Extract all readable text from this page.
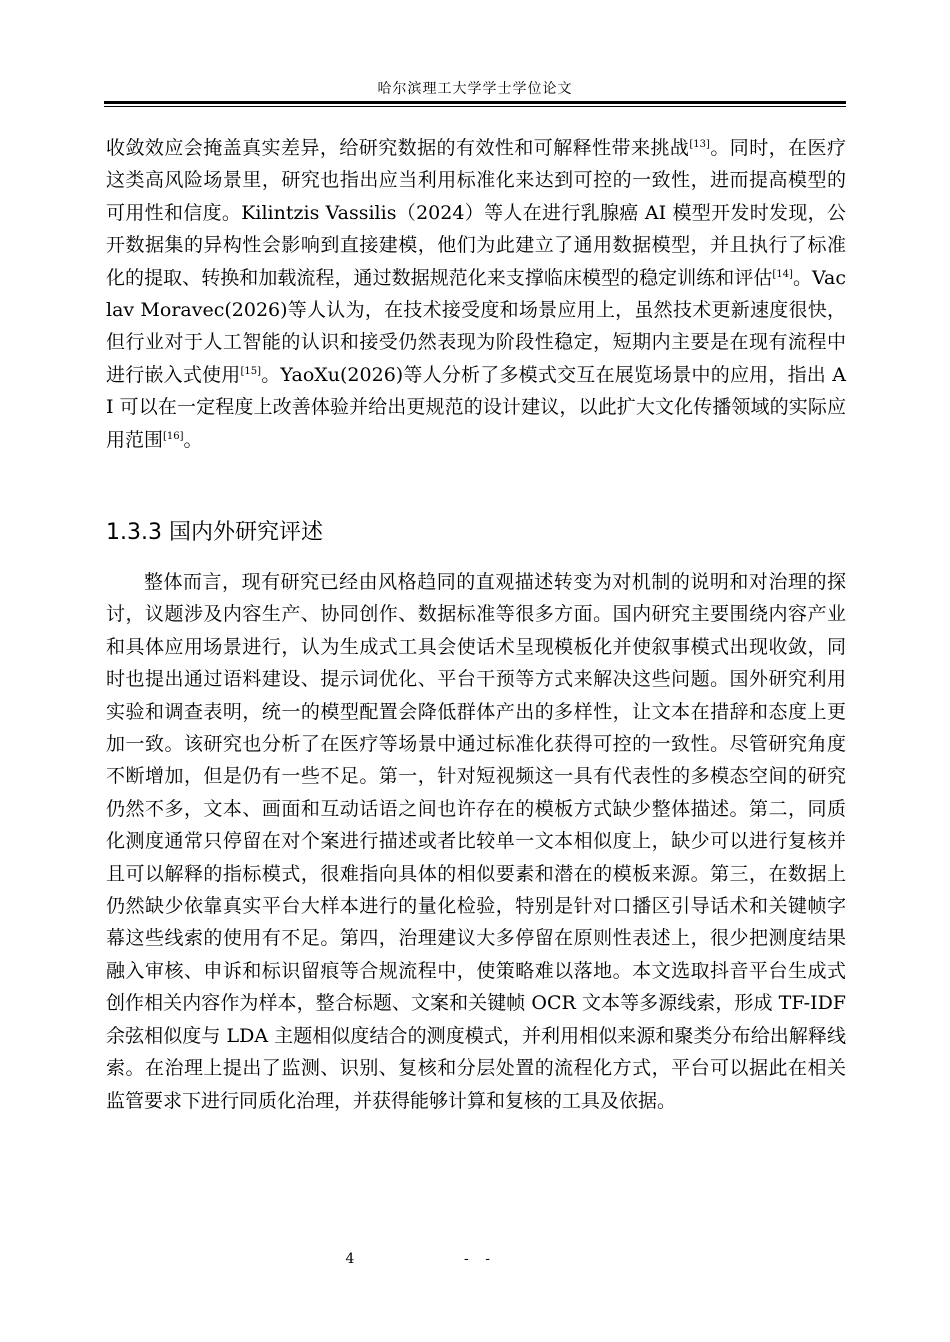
哈尔滨理工大学学士学位论文
收敛效应会掩盖真实差异，给研究数据的有效性和可解释性带来挑战[13]。同时，在医疗这类高风险场景里，研究也指出应当利用标准化来达到可控的一致性，进而提高模型的可用性和信度。Kilintzis Vassilis（2024）等人在进行乳腺癌 AI 模型开发时发现，公开数据集的异构性会影响到直接建模，他们为此建立了通用数据模型，并且执行了标准化的提取、转换和加载流程，通过数据规范化来支撑临床模型的稳定训练和评估[14]。Vaclav Moravec(2026)等人认为，在技术接受度和场景应用上，虽然技术更新速度很快，但行业对于人工智能的认识和接受仍然表现为阶段性稳定，短期内主要是在现有流程中进行嵌入式使用[15]。YaoXu(2026)等人分析了多模式交互在展览场景中的应用，指出 AI 可以在一定程度上改善体验并给出更规范的设计建议，以此扩大文化传播领域的实际应用范围[16]。
1.3.3 国内外研究评述
整体而言，现有研究已经由风格趋同的直观描述转变为对机制的说明和对治理的探讨，议题涉及内容生产、协同创作、数据标准等很多方面。国内研究主要围绕内容产业和具体应用场景进行，认为生成式工具会使话术呈现模板化并使叙事模式出现收敛，同时也提出通过语料建设、提示词优化、平台干预等方式来解决这些问题。国外研究利用实验和调查表明，统一的模型配置会降低群体产出的多样性，让文本在措辞和态度上更加一致。该研究也分析了在医疗等场景中通过标准化获得可控的一致性。尽管研究角度不断增加，但是仍有一些不足。第一，针对短视频这一具有代表性的多模态空间的研究仍然不多，文本、画面和互动话语之间也许存在的模板方式缺少整体描述。第二，同质化测度通常只停留在对个案进行描述或者比较单一文本相似度上，缺少可以进行复核并且可以解释的指标模式，很难指向具体的相似要素和潜在的模板来源。第三，在数据上仍然缺少依靠真实平台大样本进行的量化检验，特别是针对口播区引导话术和关键帧字幕这些线索的使用有不足。第四，治理建议大多停留在原则性表述上，很少把测度结果融入审核、申诉和标识留痕等合规流程中，使策略难以落地。本文选取抖音平台生成式创作相关内容作为样本，整合标题、文案和关键帧 OCR 文本等多源线索，形成 TF-IDF 余弦相似度与 LDA 主题相似度结合的测度模式，并利用相似来源和聚类分布给出解释线索。在治理上提出了监测、识别、复核和分层处置的流程化方式，平台可以据此在相关监管要求下进行同质化治理，并获得能够计算和复核的工具及依据。
4	- -
